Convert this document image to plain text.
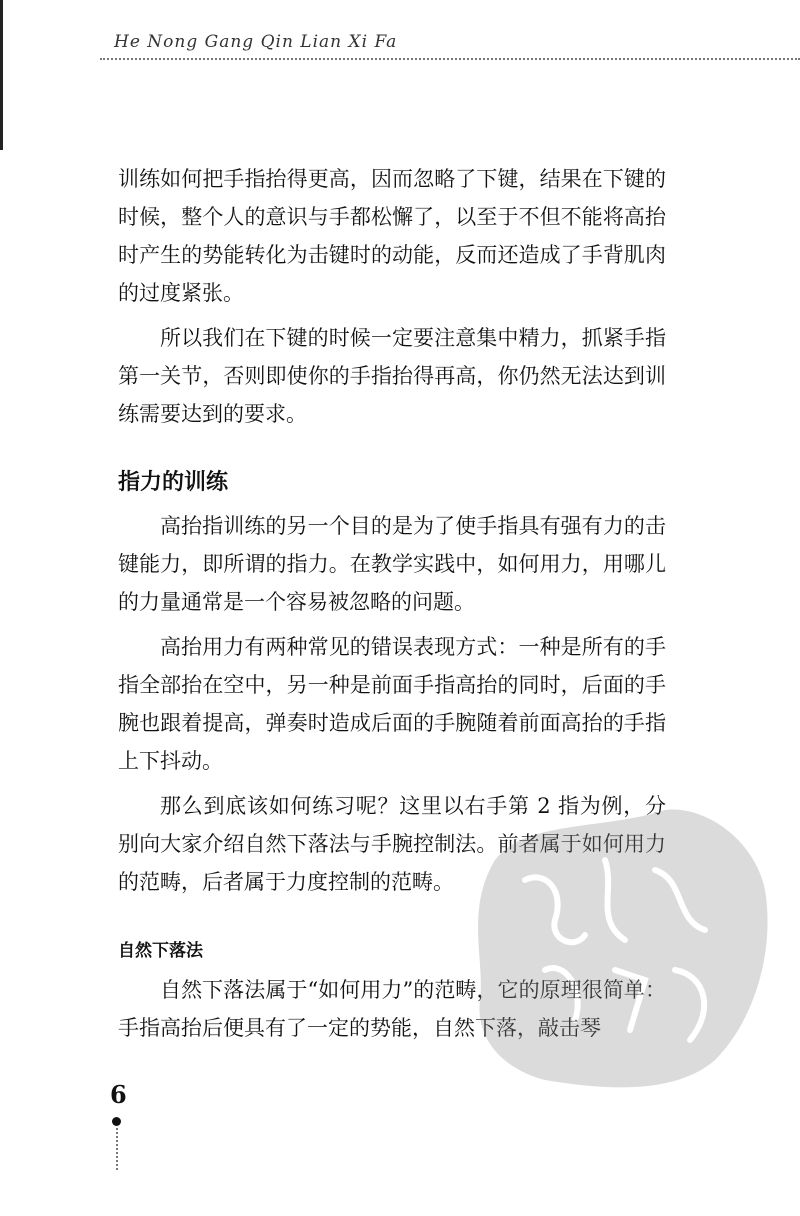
He Nong Gang Qin Lian Xi Fa

训练如何把手指抬得更高，因而忽略了下键，结果在下键的时候，整个人的意识与手都松懈了，以至于不但不能将高抬时产生的势能转化为击键时的动能，反而还造成了手背肌肉的过度紧张。

所以我们在下键的时候一定要注意集中精力，抓紧手指第一关节，否则即使你的手指抬得再高，你仍然无法达到训练需要达到的要求。

指力的训练

高抬指训练的另一个目的是为了使手指具有强有力的击键能力，即所谓的指力。在教学实践中，如何用力，用哪儿的力量通常是一个容易被忽略的问题。

高抬用力有两种常见的错误表现方式：一种是所有的手指全部抬在空中，另一种是前面手指高抬的同时，后面的手腕也跟着提高，弹奏时造成后面的手腕随着前面高抬的手指上下抖动。

那么到底该如何练习呢？这里以右手第 2 指为例，分别向大家介绍自然下落法与手腕控制法。前者属于如何用力的范畴，后者属于力度控制的范畴。

自然下落法

自然下落法属于“如何用力”的范畴，它的原理很简单：手指高抬后便具有了一定的势能，自然下落，敲击琴

6
